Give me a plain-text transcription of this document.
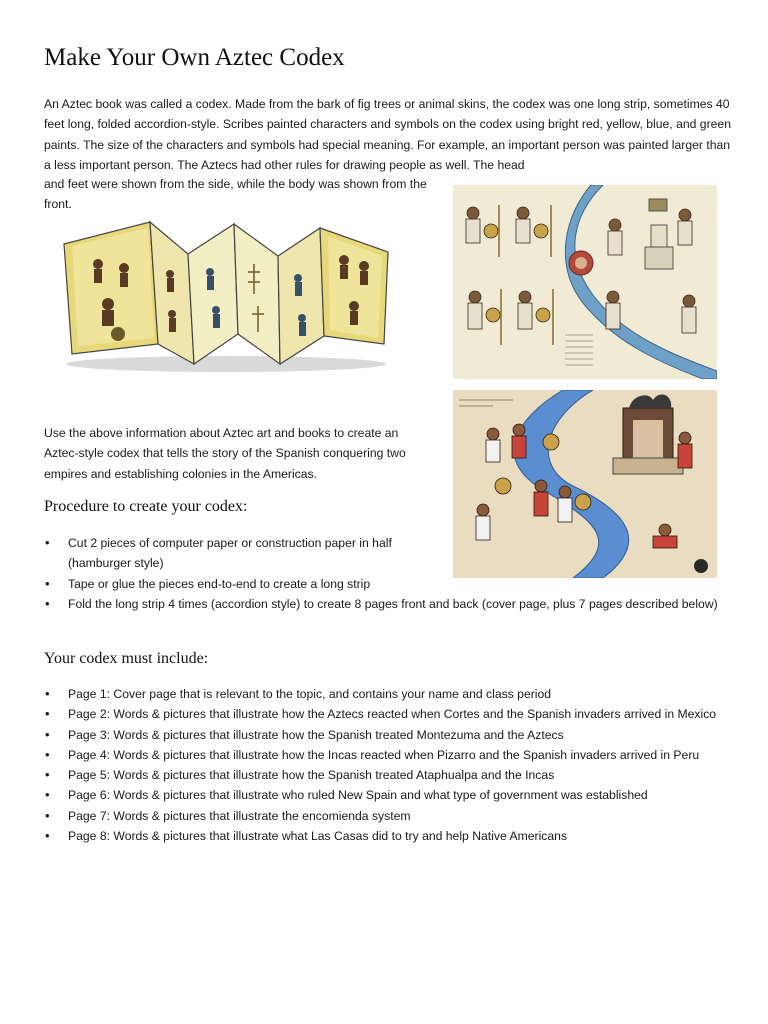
Make Your Own Aztec Codex

An Aztec book was called a codex. Made from the bark of fig trees or animal skins, the codex was one long strip, sometimes 40 feet long, folded accordion-style. Scribes painted characters and symbols on the codex using bright red, yellow, blue, and green paints. The size of the characters and symbols had special meaning. For example, an important person was painted larger than a less important person. The Aztecs had other rules for drawing people as well. The head

and feet were shown from the side, while the body was shown from the front.

Use the above information about Aztec art and books to create an Aztec-style codex that tells the story of the Spanish conquering two empires and establishing colonies in the Americas.

Procedure to create your codex:
• Cut 2 pieces of computer paper or construction paper in half (hamburger style)
• Tape or glue the pieces end-to-end to create a long strip
• Fold the long strip 4 times (accordion style) to create 8 pages front and back (cover page, plus 7 pages described below)
Your codex must include:
• Page 1: Cover page that is relevant to the topic, and contains your name and class period
• Page 2: Words & pictures that illustrate how the Aztecs reacted when Cortes and the Spanish invaders arrived in Mexico
• Page 3: Words & pictures that illustrate how the Spanish treated Montezuma and the Aztecs
• Page 4: Words & pictures that illustrate how the Incas reacted when Pizarro and the Spanish invaders arrived in Peru
• Page 5: Words & pictures that illustrate how the Spanish treated Ataphualpa and the Incas
• Page 6: Words & pictures that illustrate who ruled New Spain and what type of government was established
• Page 7: Words & pictures that illustrate the encomienda system
• Page 8: Words & pictures that illustrate what Las Casas did to try and help Native Americans
